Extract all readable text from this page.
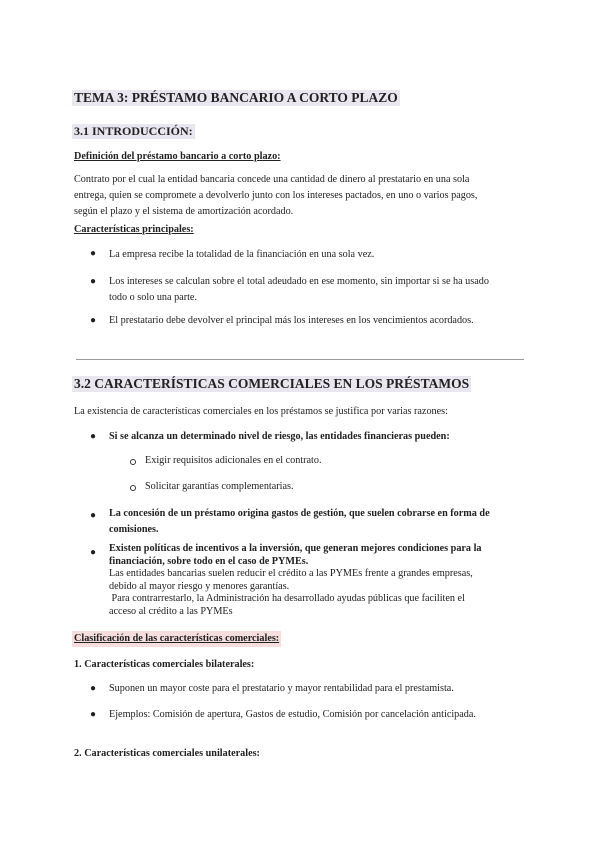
TEMA 3: PRÉSTAMO BANCARIO A CORTO PLAZO
3.1 INTRODUCCIÓN:
Definición del préstamo bancario a corto plazo:
Contrato por el cual la entidad bancaria concede una cantidad de dinero al prestatario en una sola
entrega, quien se compromete a devolverlo junto con los intereses pactados, en uno o varios pagos,
según el plazo y el sistema de amortización acordado.
Características principales:
● La empresa recibe la totalidad de la financiación en una sola vez.
● Los intereses se calculan sobre el total adeudado en ese momento, sin importar si se ha usado
todo o solo una parte.
● El prestatario debe devolver el principal más los intereses en los vencimientos acordados.
3.2 CARACTERÍSTICAS COMERCIALES EN LOS PRÉSTAMOS
La existencia de características comerciales en los préstamos se justifica por varias razones:
● Si se alcanza un determinado nivel de riesgo, las entidades financieras pueden:
Exigir requisitos adicionales en el contrato.
Solicitar garantías complementarias.
● La concesión de un préstamo origina gastos de gestión, que suelen cobrarse en forma de
comisiones.
● Existen políticas de incentivos a la inversión, que generan mejores condiciones para la
financiación, sobre todo en el caso de PYMEs.
Las entidades bancarias suelen reducir el crédito a las PYMEs frente a grandes empresas,
debido al mayor riesgo y menores garantías.
Para contrarrestarlo, la Administración ha desarrollado ayudas públicas que faciliten el
acceso al crédito a las PYMEs
Clasificación de las características comerciales:
1. Características comerciales bilaterales:
● Suponen un mayor coste para el prestatario y mayor rentabilidad para el prestamista.
● Ejemplos: Comisión de apertura, Gastos de estudio, Comisión por cancelación anticipada.
2. Características comerciales unilaterales:
